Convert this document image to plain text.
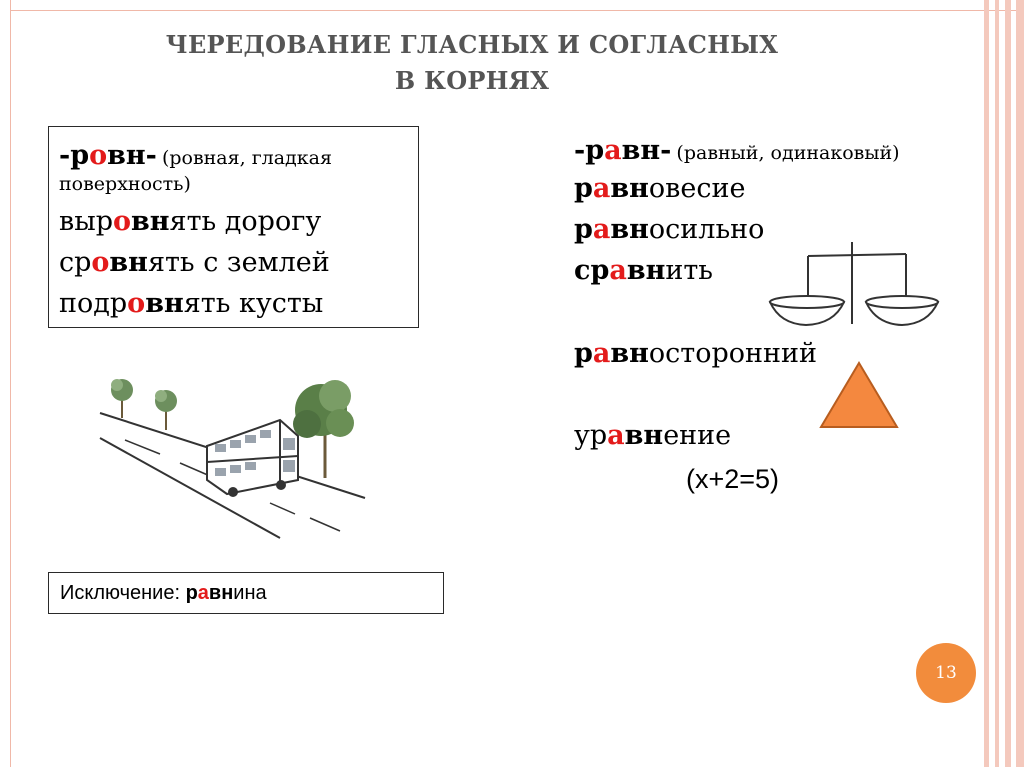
ЧЕРЕДОВАНИЕ ГЛАСНЫХ И СОГЛАСНЫХ
В КОРНЯХ
-ровн- (ровная, гладкая
поверхность)
выровнять дорогу
сровнять с землей
подровнять кусты
Исключение: равнина
-равн- (равный, одинаковый)
равновесие
равносильно
сравнить
равносторонний
уравнение
(x+2=5)
13
